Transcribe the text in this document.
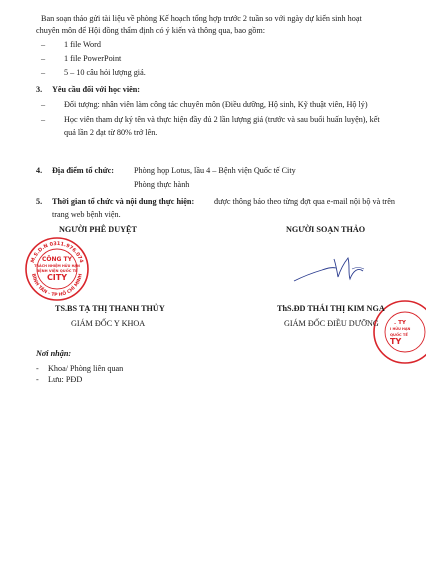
Ban soạn thảo gửi tài liệu về phòng Kế hoạch tổng hợp trước 2 tuần so với ngày dự kiến sinh hoạt
chuyên môn để Hội đồng thẩm định có ý kiến và thông qua, bao gồm:
– 1 file Word
– 1 file PowerPoint
– 5 – 10 câu hỏi lượng giá.
3. Yêu cầu đối với học viên:
– Đối tượng: nhân viên làm công tác chuyên môn (Điều dưỡng, Hộ sinh, Kỹ thuật viên, Hộ lý)
– Học viên tham dự ký tên và thực hiện đầy đủ 2 lần lượng giá (trước và sau buổi huấn luyện), kết
quả lần 2 đạt từ 80% trở lên.
4. Địa điểm tổ chức: Phòng họp Lotus, lầu 4 – Bệnh viện Quốc tế City
Phòng thực hành
5. Thời gian tổ chức và nội dung thực hiện: được thông báo theo từng đợt qua e-mail nội bộ và trên
trang web bệnh viện.
NGƯỜI PHÊ DUYỆT	NGƯỜI SOẠN THẢO
M.S.D.N 0311.976.074
BÌNH TÂN - TP HỒ CHÍ MINH
CÔNG TY
TRÁCH NHIỆM HỮU HẠN
BỆNH VIỆN QUỐC TẾ
CITY
. TY
I HỮU HẠN
QUỐC TẾ
TY
TS.BS TẠ THỊ THANH THỦY
GIÁM ĐỐC Y KHOA
ThS.ĐD THÁI THỊ KIM NGA
GIÁM ĐỐC ĐIỀU DƯỠNG
Nơi nhận:
- Khoa/ Phòng liên quan
- Lưu: PĐD
